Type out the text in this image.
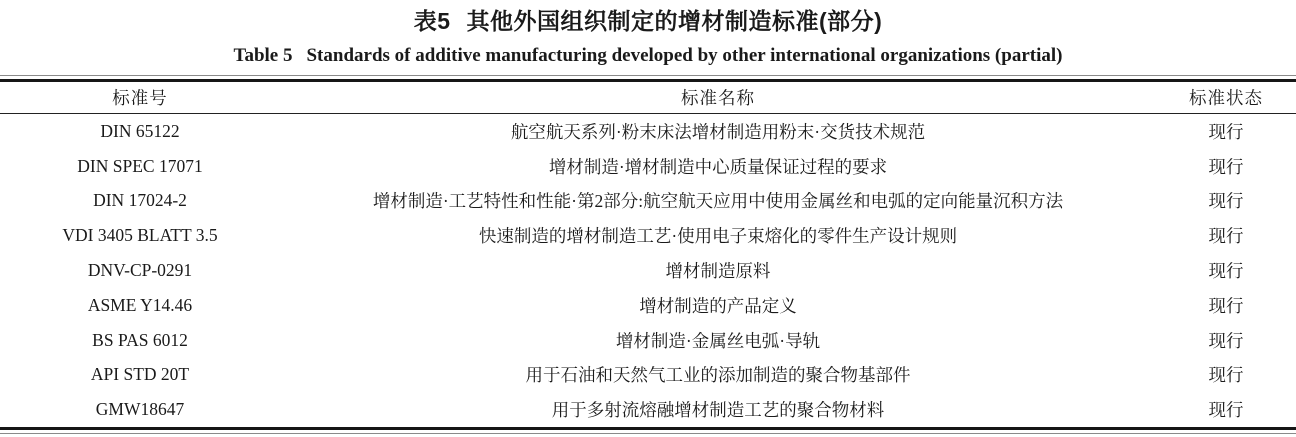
表5 其他外国组织制定的增材制造标准(部分)
Table 5 Standards of additive manufacturing developed by other international organizations (partial)
标准号	标准名称	标准状态
DIN 65122	航空航天系列·粉末床法增材制造用粉末·交货技术规范	现行
DIN SPEC 17071	增材制造·增材制造中心质量保证过程的要求	现行
DIN 17024-2	增材制造·工艺特性和性能·第2部分:航空航天应用中使用金属丝和电弧的定向能量沉积方法	现行
VDI 3405 BLATT 3.5	快速制造的增材制造工艺·使用电子束熔化的零件生产设计规则	现行
DNV-CP-0291	增材制造原料	现行
ASME Y14.46	增材制造的产品定义	现行
BS PAS 6012	增材制造·金属丝电弧·导轨	现行
API STD 20T	用于石油和天然气工业的添加制造的聚合物基部件	现行
GMW18647	用于多射流熔融增材制造工艺的聚合物材料	现行
